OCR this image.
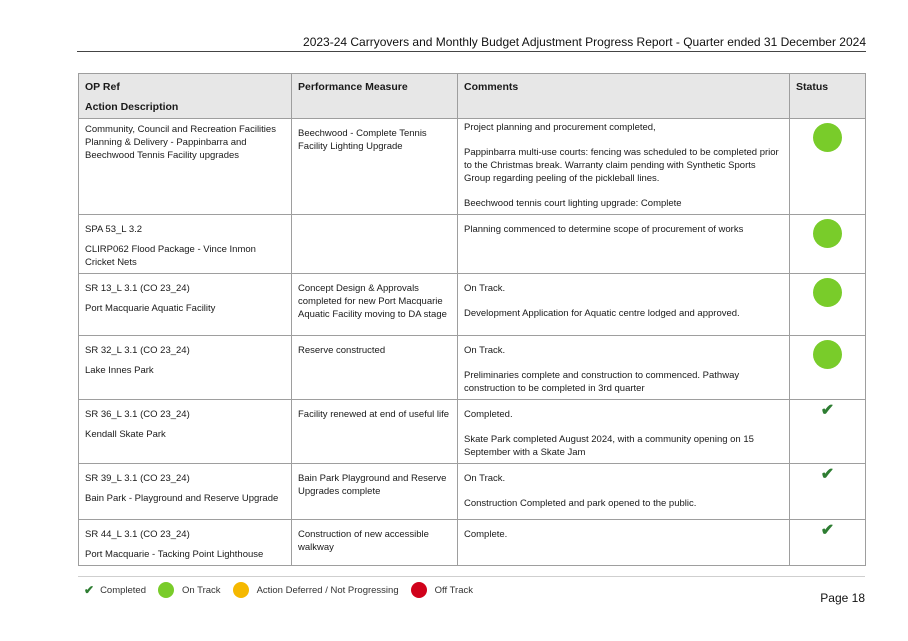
2023-24 Carryovers and Monthly Budget Adjustment Progress Report - Quarter ended 31 December 2024
OP Ref
Action Description	Performance Measure	Comments	Status

Community, Council and Recreation Facilities Planning & Delivery - Pappinbarra and Beechwood Tennis Facility upgrades	Beechwood - Complete Tennis Facility Lighting Upgrade	Project planning and procurement completed,
Pappinbarra multi-use courts: fencing was scheduled to be completed prior to the Christmas break. Warranty claim pending with Synthetic Sports Group regarding peeling of the pickleball lines.
Beechwood tennis court lighting upgrade: Complete	

SPA 53_L 3.2
CLIRP062 Flood Package - Vince Inmon Cricket Nets		Planning commenced to determine scope of procurement of works	

SR 13_L 3.1 (CO 23_24)
Port Macquarie Aquatic Facility	Concept Design & Approvals completed for new Port Macquarie Aquatic Facility moving to DA stage	On Track.
Development Application for Aquatic centre lodged and approved.	

SR 32_L 3.1 (CO 23_24)
Lake Innes Park	Reserve constructed	On Track.
Preliminaries complete and construction to commenced. Pathway construction to be completed in 3rd quarter	

SR 36_L 3.1 (CO 23_24)
Kendall Skate Park	Facility renewed at end of useful life	Completed.
Skate Park completed August 2024, with a community opening on 15 September with a Skate Jam	✔

SR 39_L 3.1 (CO 23_24)
Bain Park - Playground and Reserve Upgrade	Bain Park Playground and Reserve Upgrades complete	On Track.
Construction Completed and park opened to the public.	✔

SR 44_L 3.1 (CO 23_24)
Port Macquarie - Tacking Point Lighthouse	Construction of new accessible walkway	Complete.	✔
✔ Completed	On Track	Action Deferred / Not Progressing	Off Track
Page 18
